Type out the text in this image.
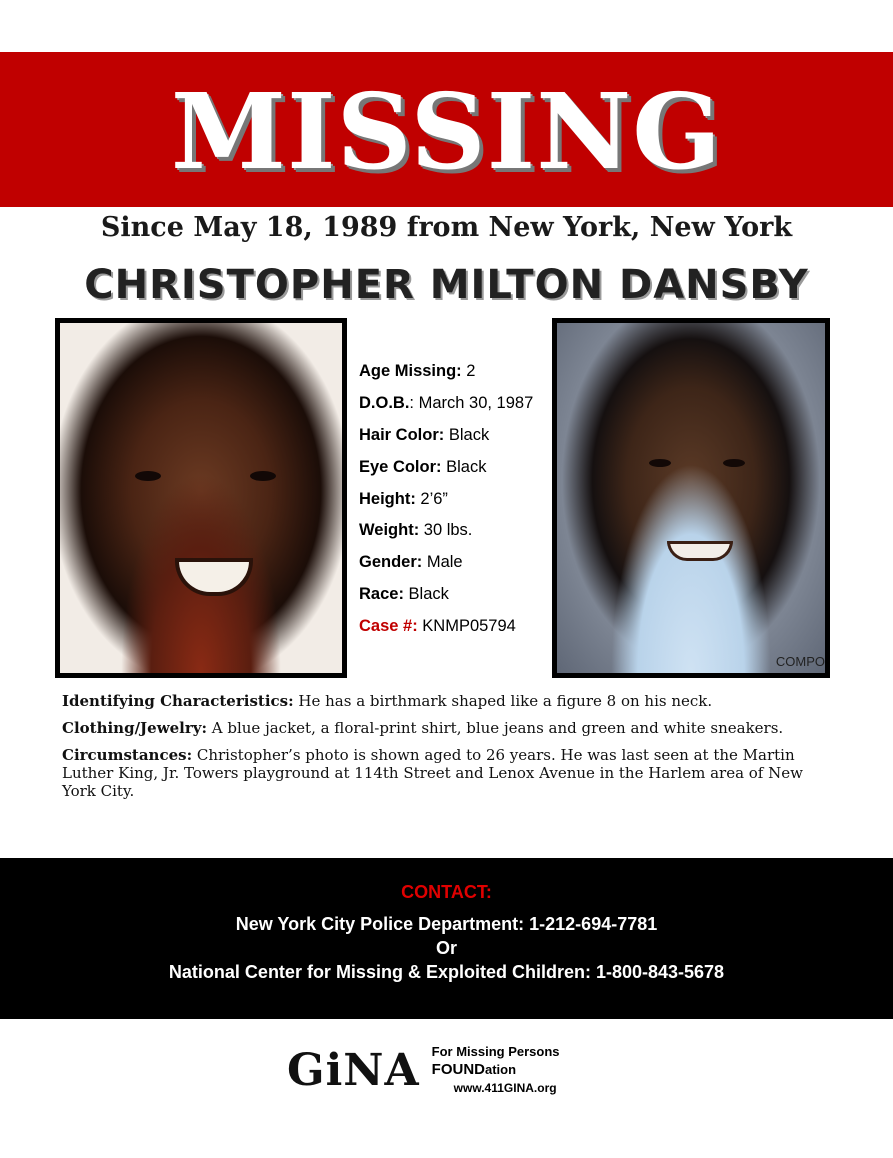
MISSING
Since May 18, 1989 from New York, New York
CHRISTOPHER MILTON DANSBY
Age Missing: 2
D.O.B.: March 30, 1987
Hair Color: Black
Eye Color: Black
Height: 2’6”
Weight: 30 lbs.
Gender: Male
Race: Black
Case #: KNMP05794
COMPO
Identifying Characteristics: He has a birthmark shaped like a figure 8 on his neck.
Clothing/Jewelry: A blue jacket, a floral-print shirt, blue jeans and green and white sneakers.
Circumstances: Christopher’s photo is shown aged to 26 years. He was last seen at the Martin Luther King, Jr. Towers playground at 114th Street and Lenox Avenue in the Harlem area of New York City.
CONTACT:
New York City Police Department: 1-212-694-7781
Or
National Center for Missing & Exploited Children: 1-800-843-5678
GiNA For Missing Persons FOUNDation
www.411GINA.org
